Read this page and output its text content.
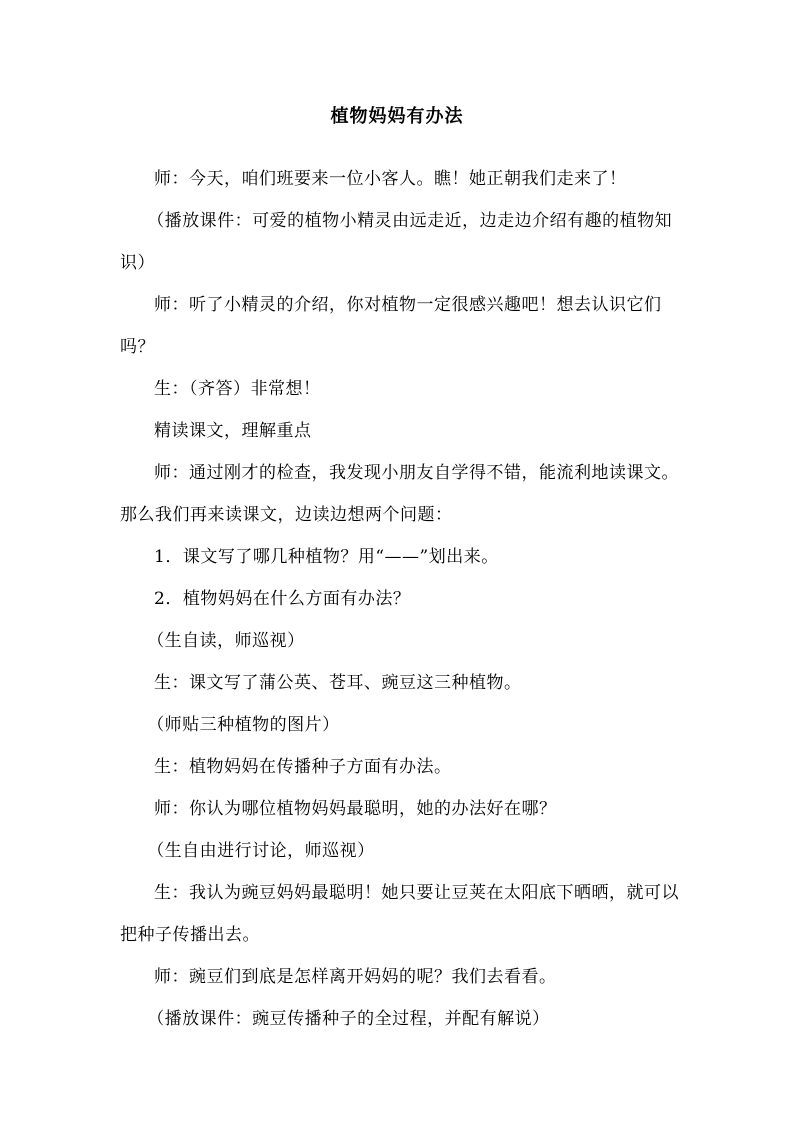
植物妈妈有办法

师：今天，咱们班要来一位小客人。瞧！她正朝我们走来了！

（播放课件：可爱的植物小精灵由远走近，边走边介绍有趣的植物知识）

师：听了小精灵的介绍，你对植物一定很感兴趣吧！想去认识它们吗？

生：（齐答）非常想！

精读课文，理解重点

师：通过刚才的检查，我发现小朋友自学得不错，能流利地读课文。那么我们再来读课文，边读边想两个问题：

1．课文写了哪几种植物？用“——”划出来。

2．植物妈妈在什么方面有办法？

（生自读，师巡视）

生：课文写了蒲公英、苍耳、豌豆这三种植物。

（师贴三种植物的图片）

生：植物妈妈在传播种子方面有办法。

师：你认为哪位植物妈妈最聪明，她的办法好在哪？

（生自由进行讨论，师巡视）

生：我认为豌豆妈妈最聪明！她只要让豆荚在太阳底下晒晒，就可以把种子传播出去。

师：豌豆们到底是怎样离开妈妈的呢？我们去看看。

（播放课件：豌豆传播种子的全过程，并配有解说）
